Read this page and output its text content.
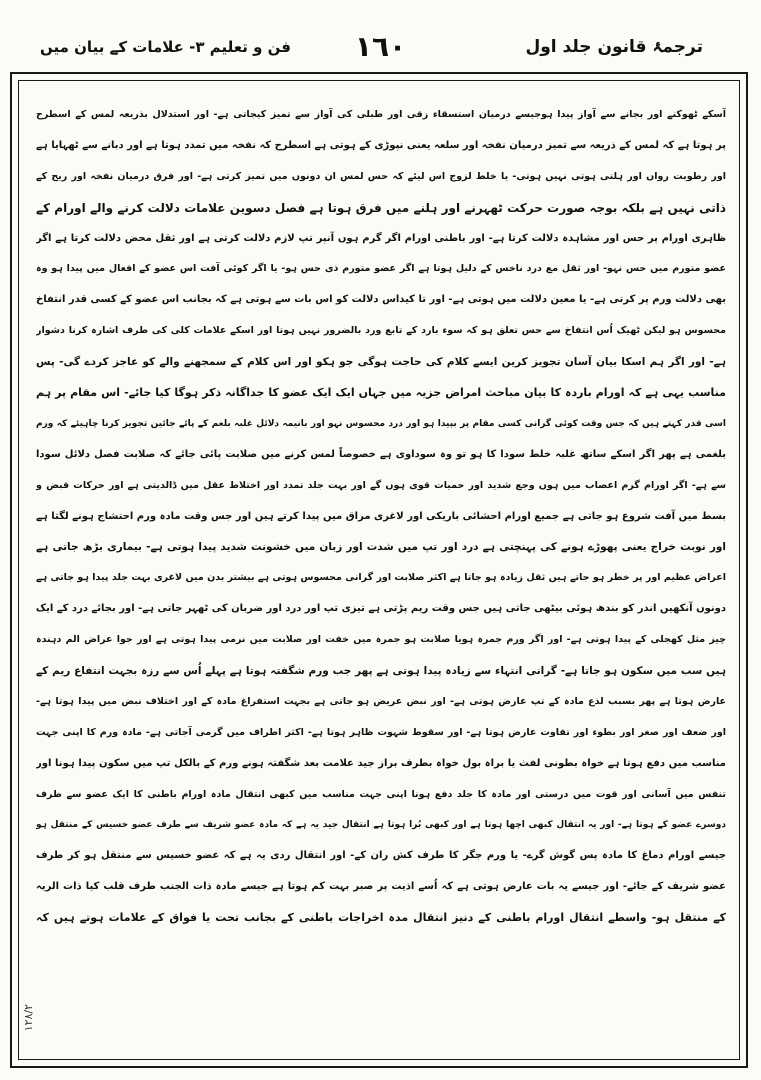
ترجمۂ قانون جلد اول
۱٦٠
فن و تعلیم ۳- علامات کے بیان میں
۱۲۸/۲
آسکے ٹھوکنے اور بجانے سے آواز پیدا ہوجیسے درمیان استسقاء زقی اور طبلی کی آواز سے تمیز کیجاتی ہے- اور استدلال بذریعہ لمس کے اسطرح
پر ہوتا ہے کہ لمس کے ذریعہ سے تمیز درمیان نفخہ اور سلعہ یعنی نپوڑی کے ہوتی ہے اسطرح کہ نفخہ میں تمدد ہوتا ہے اور دبانے سے ٹھہایا ہے
اور رطوبت رواں اور ہلتی ہوتی نہیں ہوتی- یا خلط لزوج اس لیئے کہ حس لمس ان دونوں میں تمیز کرتی ہے- اور فرق درمیان نفخہ اور ریح کے
ذاتی نہیں ہے بلکہ بوجہ صورت حرکت ٹھہرنے اور ہلنے میں فرق ہوتا ہے فصل دسوین علامات دلالت کرنے والے اورام کے
ظاہری اورام پر حس اور مشاہدہ دلالت کرتا ہے- اور باطنی اورام اگر گرم ہوں آنپر تپ لازم دلالت کرتی ہے اور ثقل محض دلالت کرتا ہے اگر
عضو متورم میں حس نہو- اور ثقل مع درد ناخس کے دلیل ہوتا ہے اگر عضو متورم ذی حس ہو- یا اگر کوئی آفت اس عضو کے افعال میں پیدا ہو وہ
بھی دلالت ورم پر کرتی ہے- یا معین دلالت میں ہوتی ہے- اور تا کیداس دلالت کو اس بات سے ہوتی ہے کہ بجانب اس عضو کے کسی قدر انتفاخ
محسوس ہو لیکن ٹھیک اُس انتفاخ سے حس تعلق ہو کہ سوء بارد کے تابع ورد بالضرور نہیں ہوتا اور اسکے علامات کلی کی طرف اشارہ کرنا دشوار
ہے- اور اگر ہم اسکا بیان آسان تجویز کرین ایسے کلام کی حاجت ہوگی جو ہکو اور اس کلام کے سمجھنے والے کو عاجز کردے گی- پس
مناسب یہی ہے کہ اورام باردہ کا بیان مباحث امراض جزیہ میں جہاں ایک ایک عضو کا جداگانہ ذکر ہوگا کیا جائے- اس مقام پر ہم
اسی قدر کہتے ہیں کہ جس وقت کوئی گرانی کسی مقام پر بپیدا ہو اور درد محسوس نہو اور بانیمہ دلائل غلبہ بلغم کے پائے جائین تجویز کرنا چاہیئے کہ ورم
بلغمی ہے پھر اگر اسکے ساتھ غلبہ خلط سودا کا ہو تو وہ سوداوی ہے خصوصاً لمس کرنے میں صلابت پائی جائے کہ صلابت فصل دلائل سودا
سے ہے- اگر اورام گرم اعصاب میں ہوں وجع شدید اور حمیات قوی ہوں گے اور بہت جلد تمدد اور اختلاط عقل میں ڈالدیتی ہے اور حرکات قبض و
بسط میں آفت شروع ہو جاتی ہے جمیع اورام احشائی باریکی اور لاغری مراق میں پیدا کرتے ہیں اور جس وقت مادہ ورم احتشاج ہونے لگتا ہے
اور نوبت خراج یعنی پھوڑے ہونے کی پہنچتی ہے درد اور تپ میں شدت اور زبان میں خشونت شدید پیدا ہوتی ہے- بیماری بڑھ جاتی ہے
اعراض عظیم اور پر خطر ہو جاتے ہیں ثقل زیادہ ہو جاتا ہے اکثر صلابت اور گرانی محسوس ہوتی ہے بیشتر بدن میں لاغری بہت جلد پیدا ہو جاتی ہے
دونوں آنکھیں اندر کو بندھ ہوئی بیٹھی جاتی ہیں جس وقت ریم پڑتی ہے تیزی تپ اور درد اور ضربان کی ٹھہر جاتی ہے- اور بجائے درد کے ایک
چیز مثل کھجلی کے پیدا ہوتی ہے- اور اگر ورم جمرہ ہویا صلابت ہو جمرہ میں خفت اور صلابت میں نرمی پیدا ہوتی ہے اور جوا عراض الم دہندہ
ہیں سب میں سکون ہو جاتا ہے- گرانی انتہاء سے زیادہ پیدا ہوتی ہے پھر جب ورم شگفتہ ہوتا ہے پہلے اُس سے رزہ بجہت انتفاع ریم کے
عارض ہوتا ہے پھر بسبب لذع مادہ کے تپ عارض ہوتی ہے- اور نبض عریض ہو جاتی ہے بجہت استفراغ مادہ کے اور اختلاف نبض میں پیدا ہوتا ہے-
اور ضعف اور صغر اور بطوء اور تفاوت عارض ہوتا ہے- اور سقوط شہوت ظاہر ہوتا ہے- اکثر اطراف میں گرمی آجاتی ہے- مادہ ورم کا اپنی جہت
مناسب میں دفع ہوتا ہے خواہ بطونی لفث یا براہ بول خواہ بطرف براز جید علامت بعد شگفتہ ہونے ورم کے بالکل تپ میں سکون پیدا ہونا اور
تنفس میں آسانی اور قوت میں درستی اور مادہ کا جلد دفع ہونا اپنی جہت مناسب میں کبھی انتقال مادہ اورام باطنی کا ایک عضو سے طرف
دوسرے عضو کے ہوتا ہے- اور یہ انتقال کبھی اچھا ہوتا ہے اور کبھی بُرا ہوتا ہے انتقال جید یہ ہے کہ مادہ عضو شریف سے طرف عضو خسیس کے منتقل ہو
جیسے اورام دماغ کا مادہ پس گوش گرے- یا ورم جگر کا طرف کش ران کے- اور انتقال ردی یہ ہے کہ عضو خسیس سے منتقل ہو کر طرف
عضو شریف کے جائے- اور جیسے یہ بات عارض ہوتی ہے کہ اُسے اذیت پر صبر بہت کم ہوتا ہے جیسے مادہ ذات الجنب طرف قلب کیا ذات الریہ
کے منتقل ہو- واسطے انتقال اورام باطنی کے دنیز انتقال مدہ اخراجات باطنی کے بجانب تحت یا فواق کے علامات ہوتے ہیں کہ
